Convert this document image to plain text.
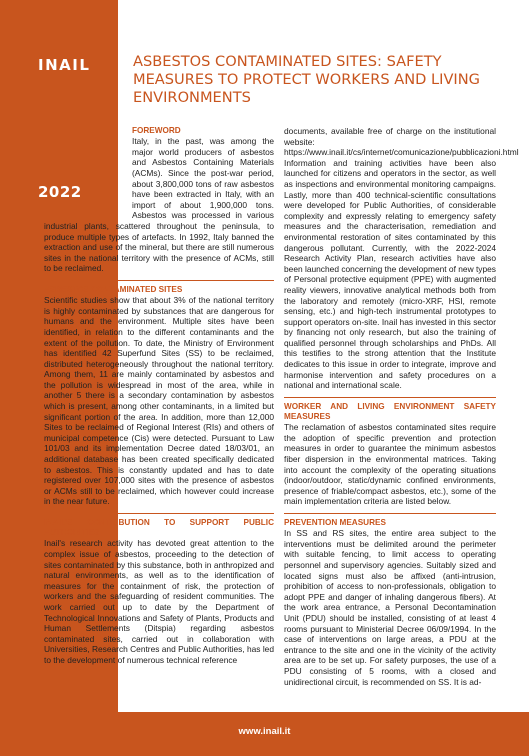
INAIL
2022
ASBESTOS CONTAMINATED SITES: SAFETY MEASURES TO PROTECT WORKERS AND LIVING ENVIRONMENTS
FOREWORD

Italy, in the past, was among the major world producers of asbestos and Asbestos Containing Materials (ACMs). Since the post-war period, about 3,800,000 tons of raw asbestos have been extracted in Italy, with an import of about 1,900,000 tons. Asbestos was processed in various industrial plants, scattered throughout the peninsula, to produce multiple types of artefacts. In 1992, Italy banned the extraction and use of the mineral, but there are still numerous sites in the national territory with the presence of ACMs, still to be reclaimed.

ASBESTOS CONTAMINATED SITES

Scientific studies show that about 3% of the national territory is highly contaminated by substances that are dangerous for humans and the environment. Multiple sites have been identified, in relation to the different contaminants and the extent of the pollution. To date, the Ministry of Environment has identified 42 Superfund Sites (SS) to be reclaimed, distributed heterogeneously throughout the national territory. Among them, 11 are mainly contaminated by asbestos and the pollution is widespread in most of the area, while in another 5 there is a secondary contamination by asbestos which is present, among other contaminants, in a limited but significant portion of the area. In addition, more than 12,000 Sites to be reclaimed of Regional Interest (RIs) and others of municipal competence (Cis) were detected. Pursuant to Law 101/03 and its implementation Decree dated 18/03/01, an additional database has been created specifically dedicated to asbestos. This is constantly updated and has to date registered over 107,000 sites with the presence of asbestos or ACMs still to be reclaimed, which however could increase in the near future.

INAIL'S CONTRIBUTION TO SUPPORT PUBLIC AUTHORITIES

Inail's research activity has devoted great attention to the complex issue of asbestos, proceeding to the detection of sites contaminated by this substance, both in anthropized and natural environments, as well as to the identification of measures for the containment of risk, the protection of workers and the safeguarding of resident communities. The work carried out up to date by the Department of Technological Innovations and Safety of Plants, Products and Human Settlements (Ditspia) regarding asbestos contaminated sites, carried out in collaboration with Universities, Research Centres and Public Authorities, has led to the development of numerous technical reference

documents, available free of charge on the institutional website:

https://www.inail.it/cs/internet/comunicazione/pubblicazioni.html

Information and training activities have been also launched for citizens and operators in the sector, as well as inspections and environmental monitoring campaigns. Lastly, more than 400 technical-scientific consultations were developed for Public Authorities, of considerable complexity and expressly relating to emergency safety measures and the characterisation, remediation and environmental restoration of sites contaminated by this dangerous pollutant. Currently, with the 2022-2024 Research Activity Plan, research activities have also been launched concerning the development of new types of Personal protective equipment (PPE) with augmented reality viewers, innovative analytical methods both from the laboratory and remotely (micro-XRF, HSI, remote sensing, etc.) and high-tech instrumental prototypes to support operators on-site. Inail has invested in this sector by financing not only research, but also the training of qualified personnel through scholarships and PhDs. All this testifies to the strong attention that the Institute dedicates to this issue in order to integrate, improve and harmonise intervention and safety procedures on a national and international scale.

WORKER AND LIVING ENVIRONMENT SAFETY MEASURES

The reclamation of asbestos contaminated sites require the adoption of specific prevention and protection measures in order to guarantee the minimum asbestos fiber dispersion in the environmental matrices. Taking into account the complexity of the operating situations (indoor/outdoor, static/dynamic confined environments, presence of friable/compact asbestos, etc.), some of the main implementation criteria are listed below.

PREVENTION MEASURES

In SS and RS sites, the entire area subject to the interventions must be delimited around the perimeter with suitable fencing, to limit access to operating personnel and supervisory agencies. Suitably sized and located signs must also be affixed (anti-intrusion, prohibition of access to non-professionals, obligation to adopt PPE and danger of inhaling dangerous fibers). At the work area entrance, a Personal Decontamination Unit (PDU) should be installed, consisting of at least 4 rooms pursuant to Ministerial Decree 06/09/1994. In the case of interventions on large areas, a PDU at the entrance to the site and one in the vicinity of the activity area are to be set up. For safety purposes, the use of a PDU consisting of 5 rooms, with a closed and unidirectional circuit, is recommended on SS. It is ad-

www.inail.it
